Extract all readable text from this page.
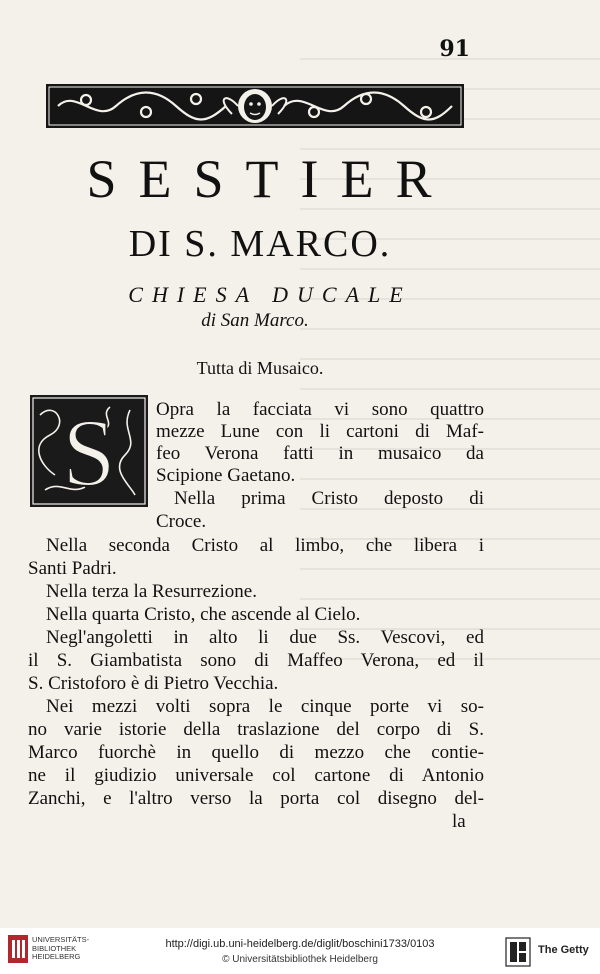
91
SESTIER
DI S. MARCO.
CHIESA DUCALE
di San Marco.
Tutta di Musaico.
S Opra la facciata vi sono quattro
mezze Lune con li cartoni di Maf-
feo Verona fatti in musaico da
Scipione Gaetano.
Nella prima Cristo deposto di
Croce.
Nella seconda Cristo al limbo, che libera i
Santi Padri.
Nella terza la Resurrezione.
Nella quarta Cristo, che ascende al Cielo.
Negl'angoletti in alto li due Ss. Vescovi, ed
il S. Giambatista sono di Maffeo Verona, ed il
S. Cristoforo è di Pietro Vecchia.
Nei mezzi volti sopra le cinque porte vi so-
no varie istorie della traslazione del corpo di S.
Marco fuorchè in quello di mezzo che contie-
ne il giudizio universale col cartone di Antonio
Zanchi, e l'altro verso la porta col disegno del-
la
UNIVERSITÄTS-
BIBLIOTHEK
HEIDELBERG
http://digi.ub.uni-heidelberg.de/diglit/boschini1733/0103
© Universitätsbibliothek Heidelberg
The Getty
